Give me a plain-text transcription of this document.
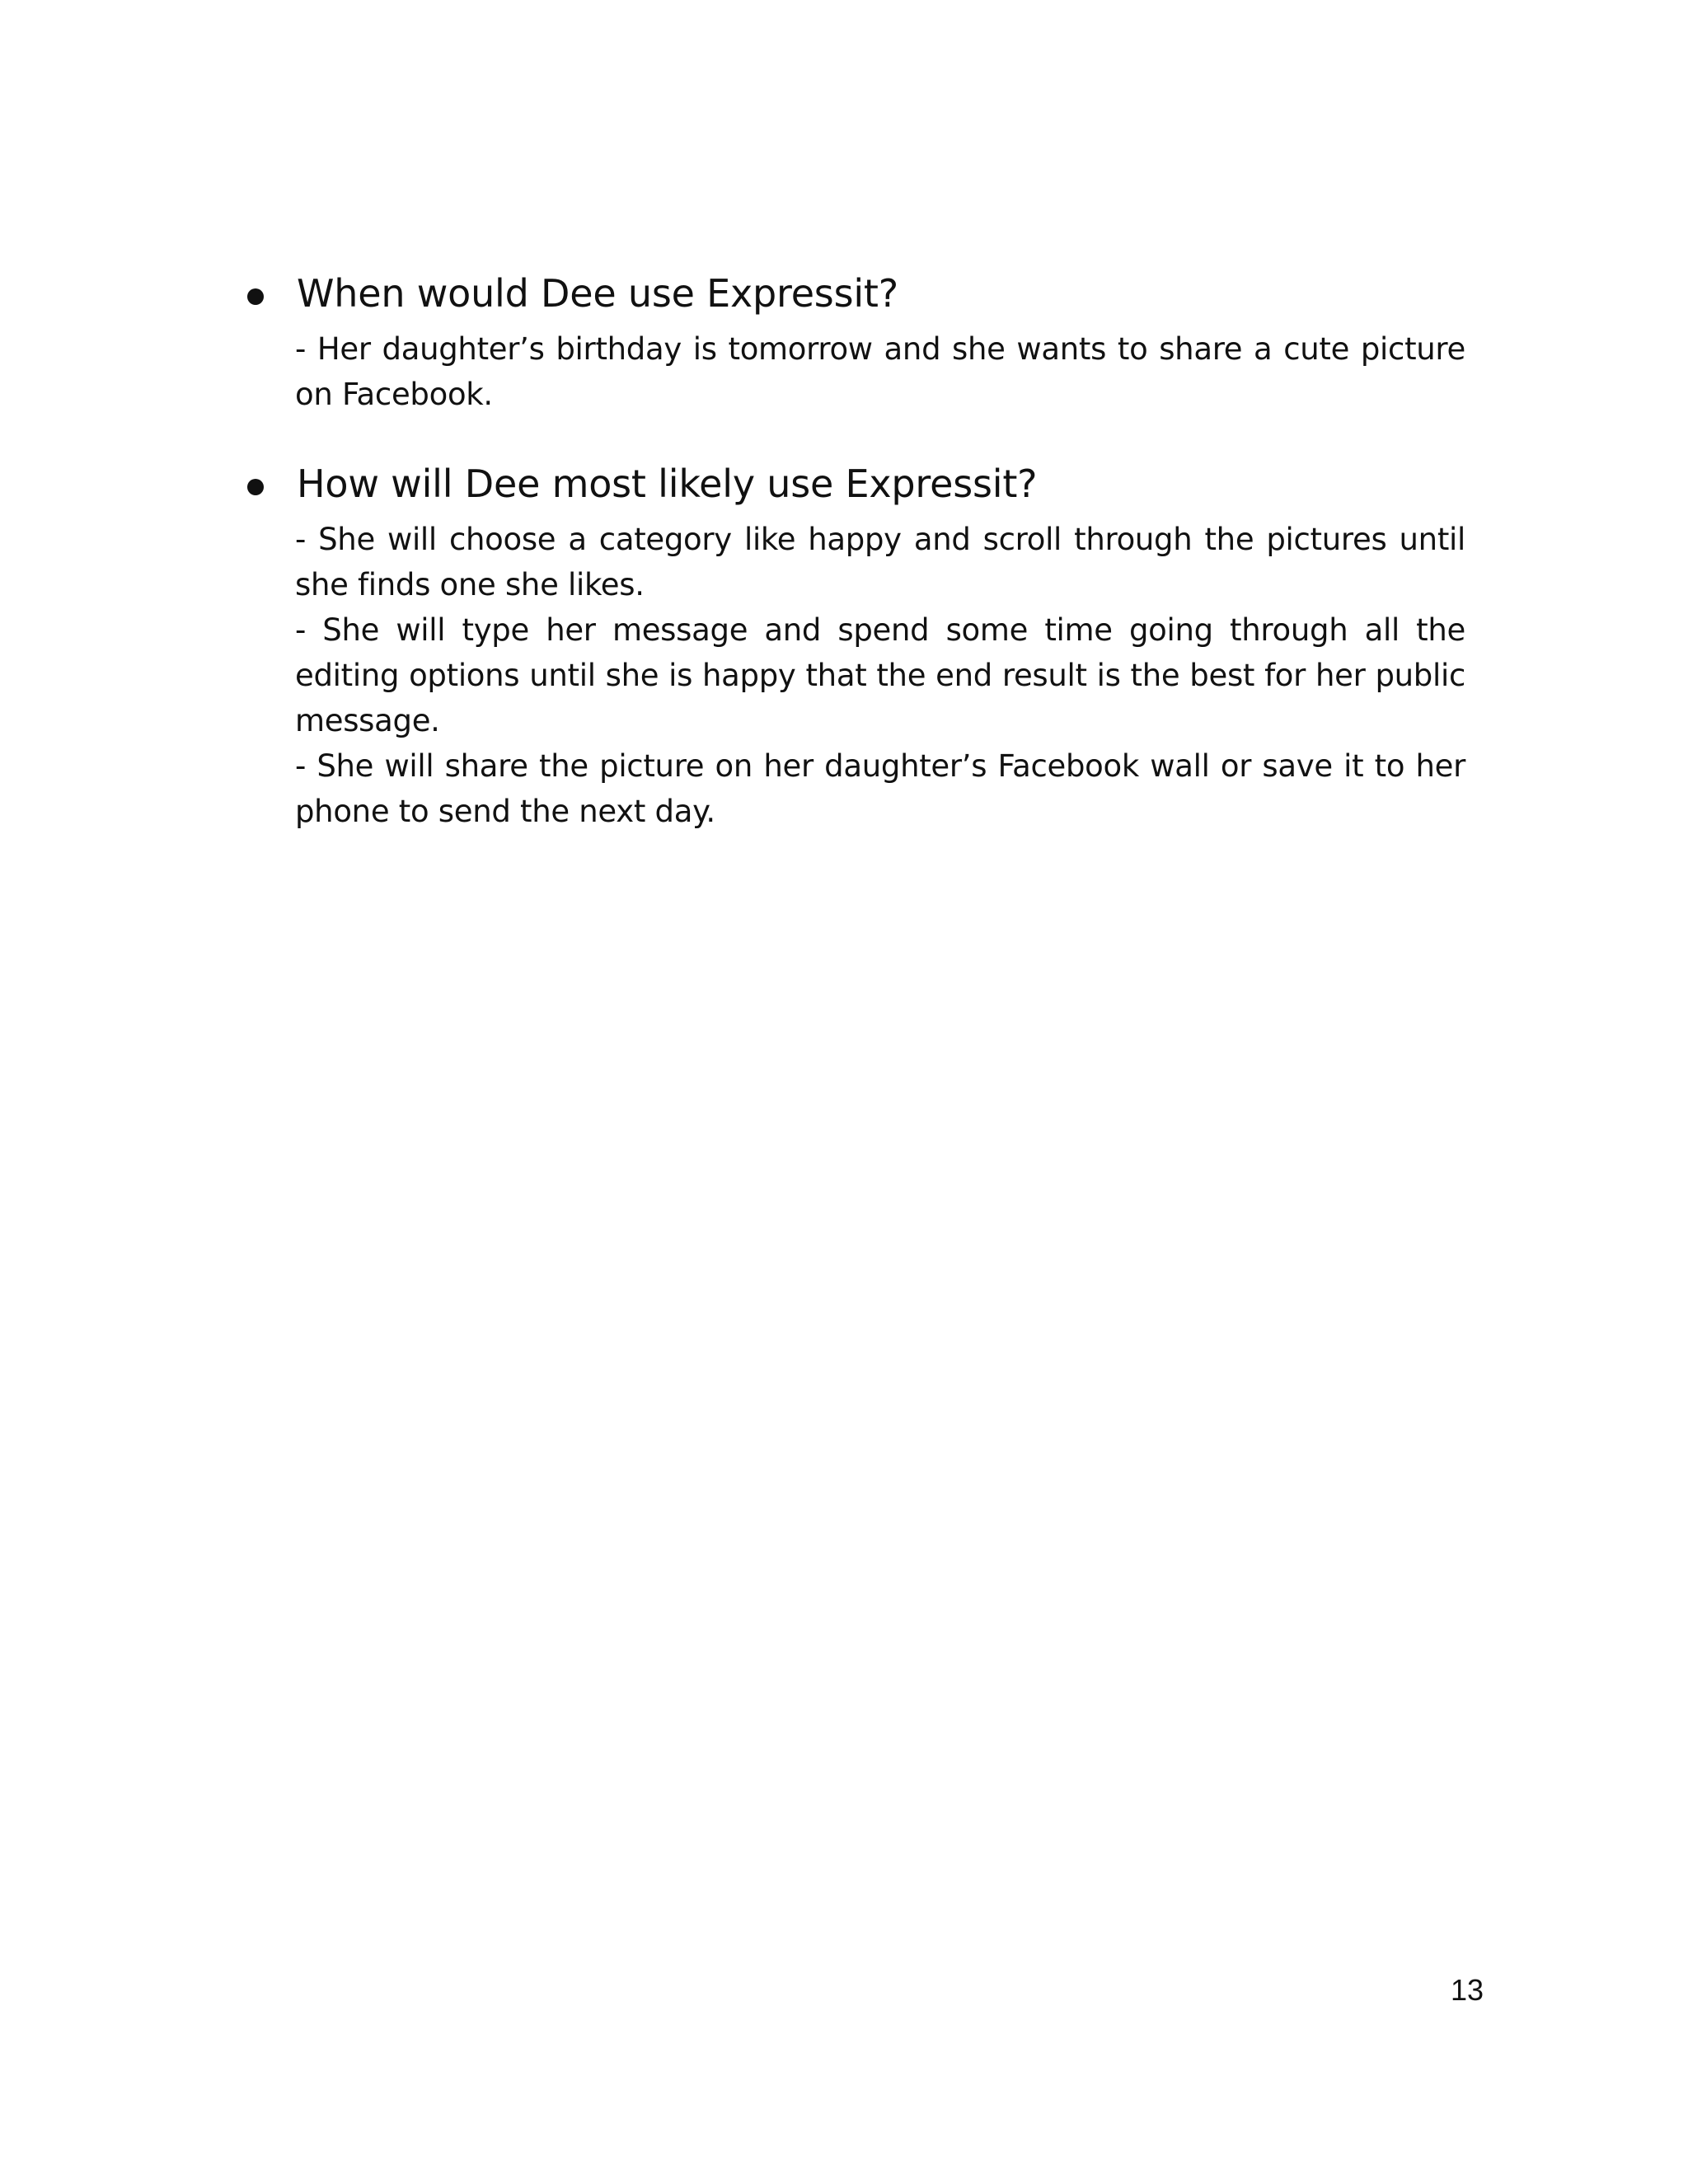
When would Dee use Expressit?

- Her daughter’s birthday is tomorrow and she wants to share a cute picture on Facebook.

How will Dee most likely use Expressit?

- She will choose a category like happy and scroll through the pictures until she finds one she likes.

- She will type her message and spend some time going through all the editing options until she is happy that the end result is the best for her public message.

- She will share the picture on her daughter’s Facebook wall or save it to her phone to send the next day.

13
